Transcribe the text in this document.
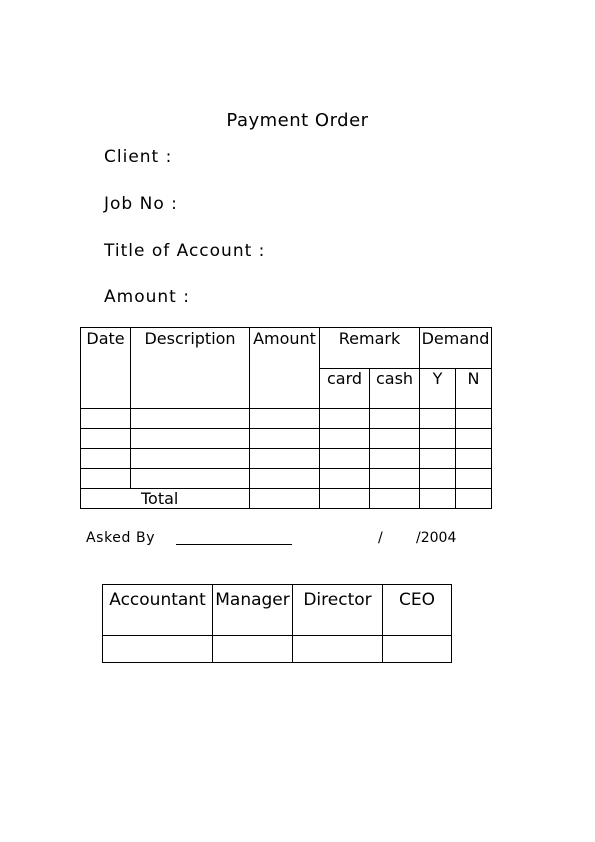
Payment Order
Client :
Job No :
Title of Account :
Amount :
Date	Description	Amount	Remark		Demand	
			card	cash	Y	N

Total						
Asked By	/ /2004
Accountant	Manager	Director	CEO
